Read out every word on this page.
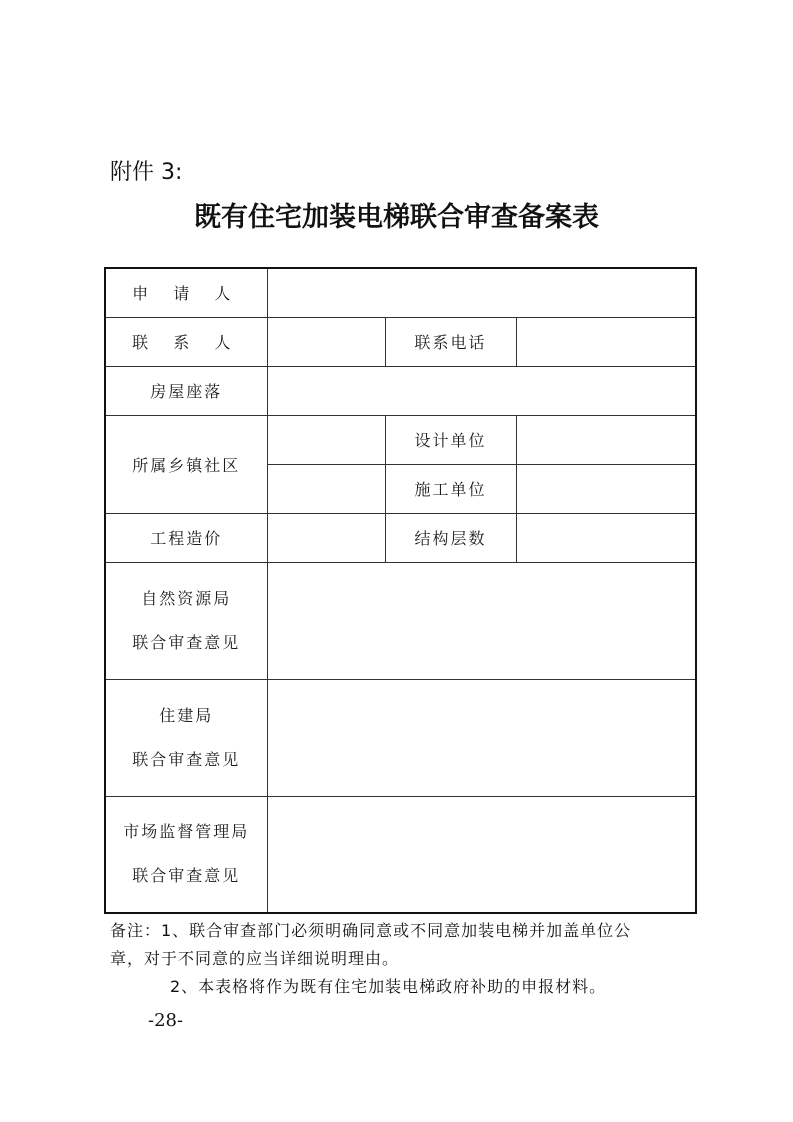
附件 3:
既有住宅加装电梯联合审查备案表
申 请 人			
联 系 人		联系电话	
房屋座落			
所属乡镇社区		设计单位	
		施工单位	
工程造价		结构层数	

自然资源局
联合审查意见			

住建局
联合审查意见			

市场监督管理局
联合审查意见			

备注：1、联合审查部门必须明确同意或不同意加装电梯并加盖单位公

章，对于不同意的应当详细说明理由。

2、本表格将作为既有住宅加装电梯政府补助的申报材料。

-28-
